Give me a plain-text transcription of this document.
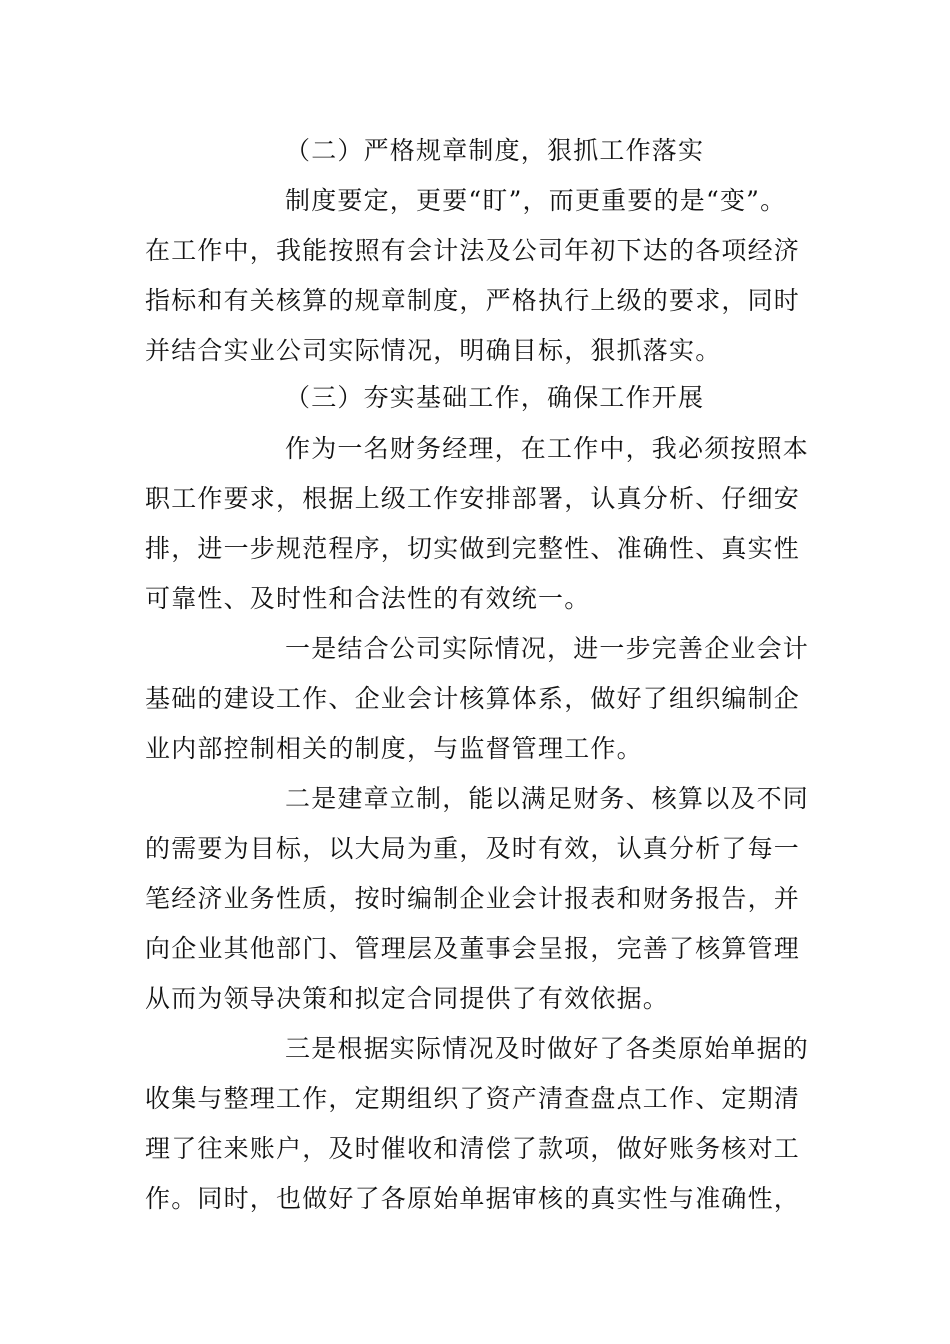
（二）严格规章制度，狠抓工作落实
制度要定，更要“盯”，而更重要的是“变”。
在工作中，我能按照有会计法及公司年初下达的各项经济
指标和有关核算的规章制度，严格执行上级的要求，同时
并结合实业公司实际情况，明确目标，狠抓落实。
（三）夯实基础工作，确保工作开展
作为一名财务经理，在工作中，我必须按照本
职工作要求，根据上级工作安排部署，认真分析、仔细安
排，进一步规范程序，切实做到完整性、准确性、真实性
可靠性、及时性和合法性的有效统一。
一是结合公司实际情况，进一步完善企业会计
基础的建设工作、企业会计核算体系，做好了组织编制企
业内部控制相关的制度，与监督管理工作。
二是建章立制，能以满足财务、核算以及不同
的需要为目标，以大局为重，及时有效，认真分析了每一
笔经济业务性质，按时编制企业会计报表和财务报告，并
向企业其他部门、管理层及董事会呈报，完善了核算管理
从而为领导决策和拟定合同提供了有效依据。
三是根据实际情况及时做好了各类原始单据的
收集与整理工作，定期组织了资产清查盘点工作、定期清
理了往来账户，及时催收和清偿了款项，做好账务核对工
作。同时，也做好了各原始单据审核的真实性与准确性，
